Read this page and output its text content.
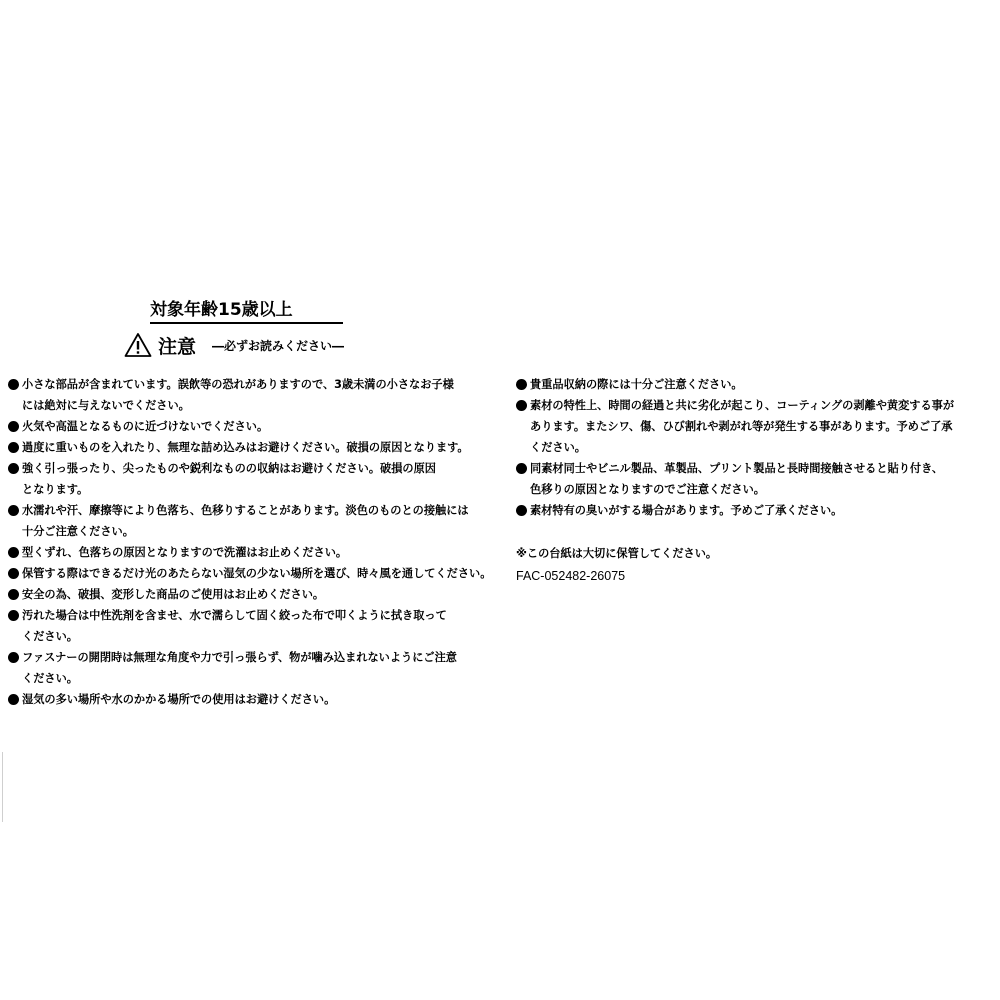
対象年齢15歳以上
注意 ―必ずお読みください―
小さな部品が含まれています。誤飲等の恐れがありますので、3歳未満の小さなお子様
には絶対に与えないでください。
火気や高温となるものに近づけないでください。
過度に重いものを入れたり、無理な詰め込みはお避けください。破損の原因となります。
強く引っ張ったり、尖ったものや鋭利なものの収納はお避けください。破損の原因
となります。
水濡れや汗、摩擦等により色落ち、色移りすることがあります。淡色のものとの接触には
十分ご注意ください。
型くずれ、色落ちの原因となりますので洗濯はお止めください。
保管する際はできるだけ光のあたらない湿気の少ない場所を選び、時々風を通してください。
安全の為、破損、変形した商品のご使用はお止めください。
汚れた場合は中性洗剤を含ませ、水で濡らして固く絞った布で叩くように拭き取って
ください。
ファスナーの開閉時は無理な角度や力で引っ張らず、物が噛み込まれないようにご注意
ください。
湿気の多い場所や水のかかる場所での使用はお避けください。
貴重品収納の際には十分ご注意ください。
素材の特性上、時間の経過と共に劣化が起こり、コーティングの剥離や黄変する事が
あります。またシワ、傷、ひび割れや剥がれ等が発生する事があります。予めご了承
ください。
同素材同士やビニル製品、革製品、プリント製品と長時間接触させると貼り付き、
色移りの原因となりますのでご注意ください。
素材特有の臭いがする場合があります。予めご了承ください。
※この台紙は大切に保管してください。
FAC-052482-26075
